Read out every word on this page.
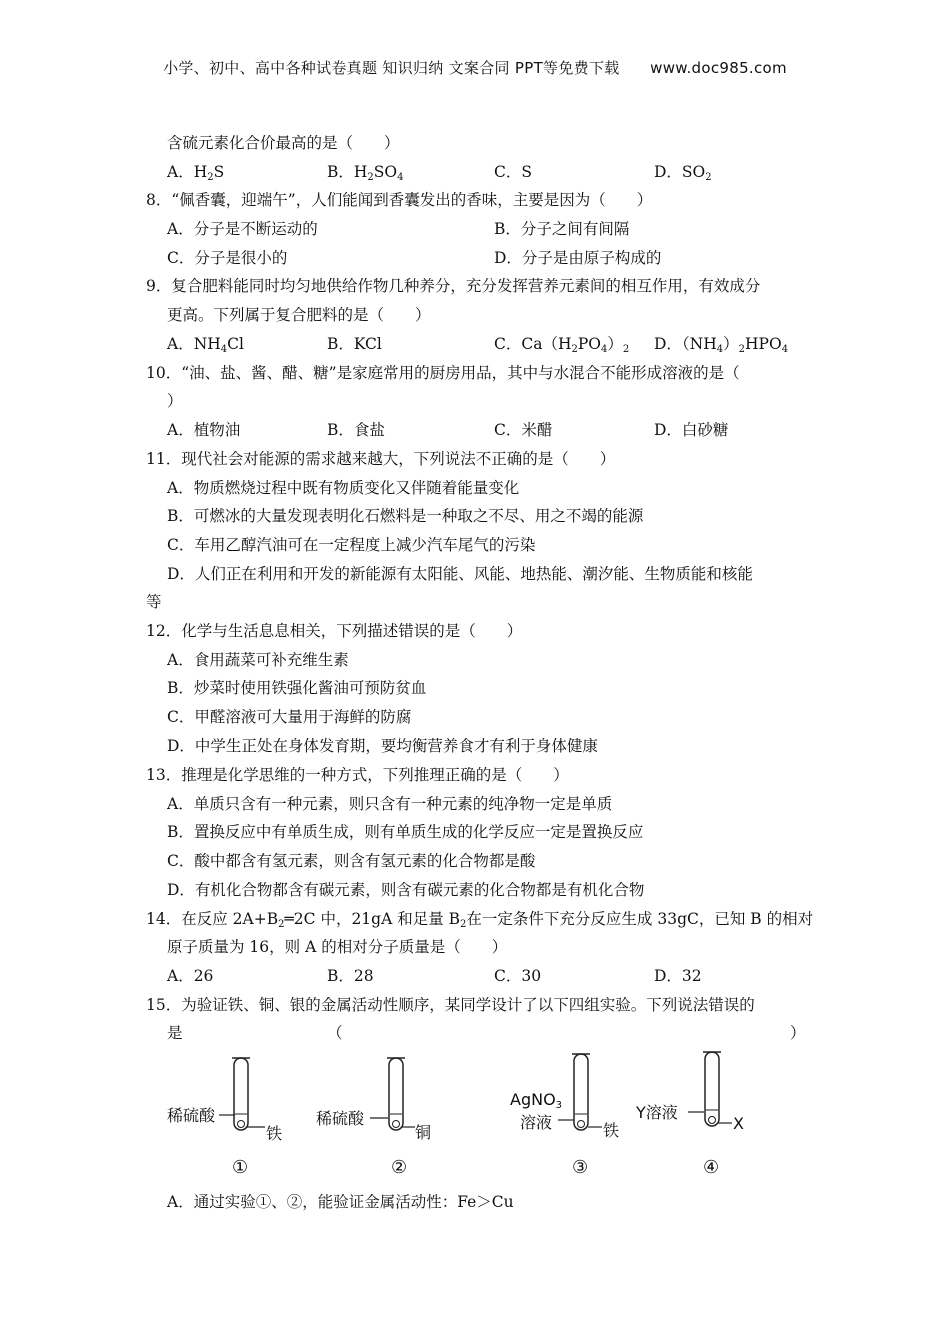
小学、初中、高中各种试卷真题 知识归纳 文案合同 PPT等免费下载　　www.doc985.com
含硫元素化合价最高的是（　　）
A．$H_2S$	B．$H_2SO_4$	C．S	D．$SO_2$
8．“佩香囊，迎端午”，人们能闻到香囊发出的香味，主要是因为（　　）
A．分子是不断运动的	B．分子之间有间隔
C．分子是很小的	D．分子是由原子构成的
9．复合肥料能同时均匀地供给作物几种养分，充分发挥营养元素间的相互作用，有效成分
更高。下列属于复合肥料的是（　　）
A．$NH_4Cl$	B．KCl	C．$Ca(H_2PO_4)_2$ D．$(NH_4)_2HPO_4$
10．“油、盐、酱、醋、糖”是家庭常用的厨房用品，其中与水混合不能形成溶液的是（
）
A．植物油	B．食盐	C．米醋	D．白砂糖
11．现代社会对能源的需求越来越大，下列说法不正确的是（　　）
A．物质燃烧过程中既有物质变化又伴随着能量变化
B．可燃冰的大量发现表明化石燃料是一种取之不尽、用之不竭的能源
C．车用乙醇汽油可在一定程度上减少汽车尾气的污染
D．人们正在利用和开发的新能源有太阳能、风能、地热能、潮汐能、生物质能和核能
等
12．化学与生活息息相关，下列描述错误的是（　　）
A．食用蔬菜可补充维生素
B．炒菜时使用铁强化酱油可预防贫血
C．甲醛溶液可大量用于海鲜的防腐
D．中学生正处在身体发育期，要均衡营养食才有利于身体健康
13．推理是化学思维的一种方式，下列推理正确的是（　　）
A．单质只含有一种元素，则只含有一种元素的纯净物一定是单质
B．置换反应中有单质生成，则有单质生成的化学反应一定是置换反应
C．酸中都含有氢元素，则含有氢元素的化合物都是酸
D．有机化合物都含有碳元素，则含有碳元素的化合物都是有机化合物
14．在反应 $2A+B_2═2C$ 中，21gA 和足量 $B_2$在一定条件下充分反应生成 33gC，已知 B 的相对
原子质量为 16，则 A 的相对分子质量是（　　）
A．26	B．28	C．30	D．32
15．为验证铁、铜、银的金属活动性顺序，某同学设计了以下四组实验。下列说法错误的
是	（	）
稀硫酸
铁
①
稀硫酸
铜
②
AgNO$_3$
溶液	铁
③
Y溶液
X
④
A．通过实验①、②，能验证金属活动性：Fe＞Cu
